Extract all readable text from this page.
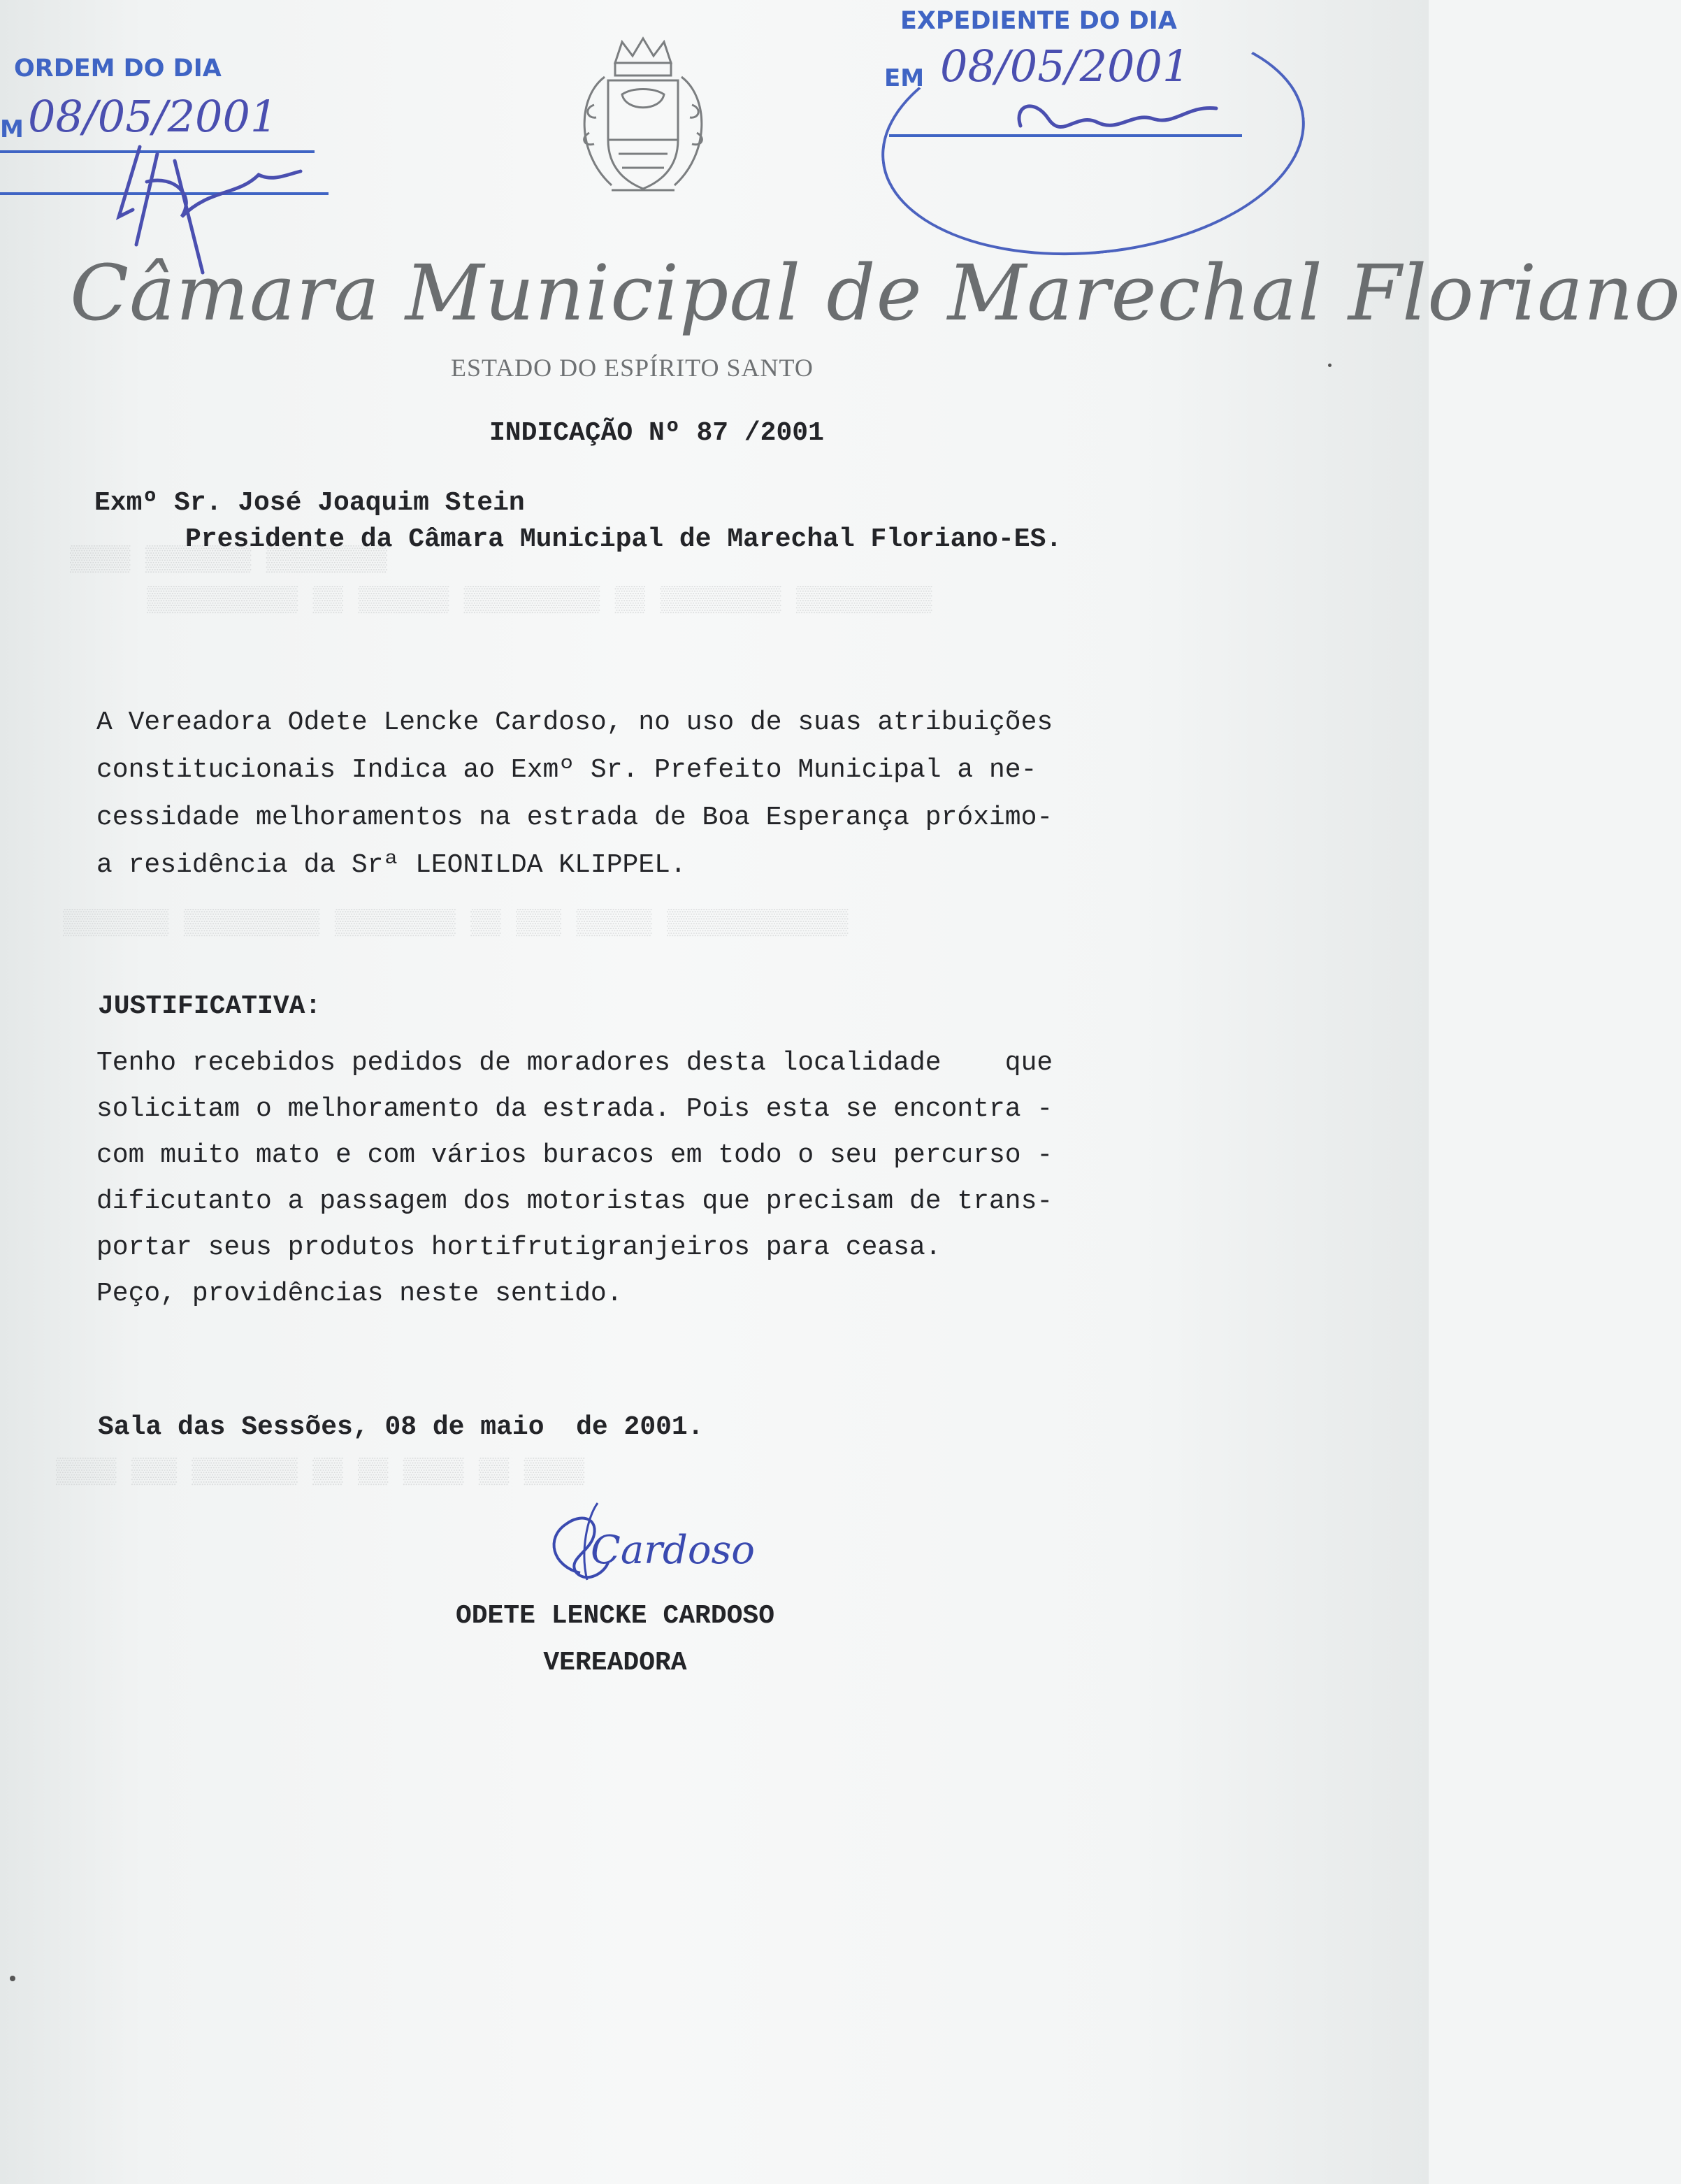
▒▒▒▒ ▒▒▒▒▒▒▒ ▒▒▒▒▒▒▒▒
▒▒▒▒▒▒▒▒▒▒ ▒▒ ▒▒▒▒▒▒ ▒▒▒▒▒▒▒▒▒ ▒▒ ▒▒▒▒▒▒▒▒ ▒▒▒▒▒▒▒▒▒
▒▒▒▒▒▒▒ ▒▒▒▒▒▒▒▒▒ ▒▒▒▒▒▒▒▒ ▒▒ ▒▒▒ ▒▒▒▒▒ ▒▒▒▒▒▒▒▒▒▒▒▒
▒▒▒▒ ▒▒▒ ▒▒▒▒▒▒▒ ▒▒ ▒▒ ▒▒▒▒ ▒▒ ▒▒▒▒
ORDEM DO DIA
M 08/05/2001
EXPEDIENTE DO DIA
EM 08/05/2001
Câmara Municipal de Marechal Floriano
ESTADO DO ESPÍRITO SANTO
INDICAÇÃO Nº 87 /2001
Exmº Sr. José Joaquim Stein
Presidente da Câmara Municipal de Marechal Floriano-ES.
A Vereadora Odete Lencke Cardoso, no uso de suas atribuições
constitucionais Indica ao Exmº Sr. Prefeito Municipal a ne-
cessidade melhoramentos na estrada de Boa Esperança próximo-
a residência da Srª LEONILDA KLIPPEL.
JUSTIFICATIVA:
Tenho recebidos pedidos de moradores desta localidade    que
solicitam o melhoramento da estrada. Pois esta se encontra -
com muito mato e com vários buracos em todo o seu percurso -
dificutanto a passagem dos motoristas que precisam de trans-
portar seus produtos hortifrutigranjeiros para ceasa.
Peço, providências neste sentido.
Sala das Sessões, 08 de maio  de 2001.
Cardoso
ODETE LENCKE CARDOSO
VEREADORA
